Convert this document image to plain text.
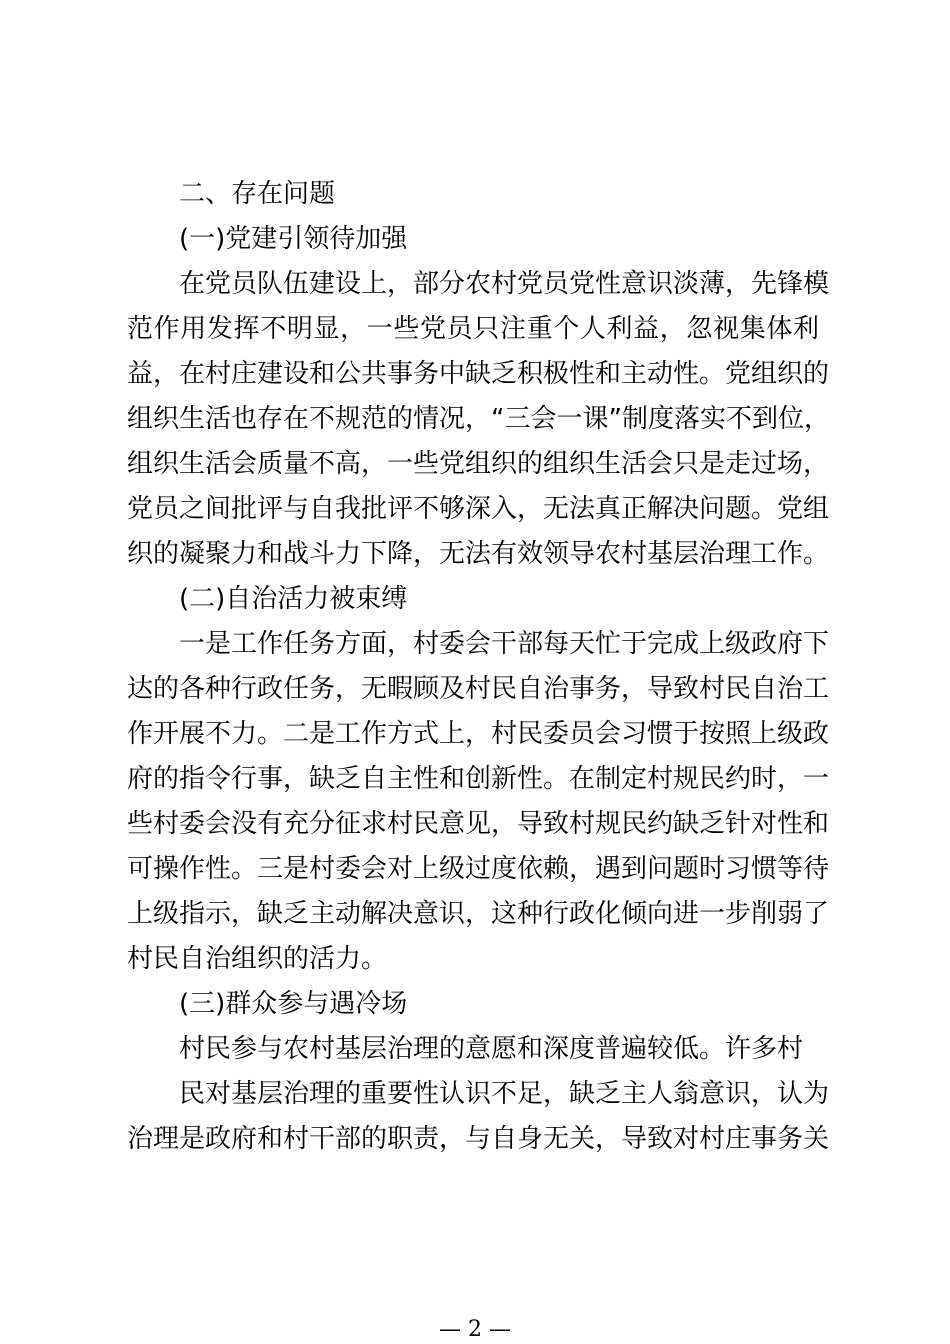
二、存在问题
(一)党建引领待加强
在党员队伍建设上，部分农村党员党性意识淡薄，先锋模
范作用发挥不明显，一些党员只注重个人利益，忽视集体利
益，在村庄建设和公共事务中缺乏积极性和主动性。党组织的
组织生活也存在不规范的情况，“三会一课”制度落实不到位，
组织生活会质量不高，一些党组织的组织生活会只是走过场，
党员之间批评与自我批评不够深入，无法真正解决问题。党组
织的凝聚力和战斗力下降，无法有效领导农村基层治理工作。
(二)自治活力被束缚
一是工作任务方面，村委会干部每天忙于完成上级政府下
达的各种行政任务，无暇顾及村民自治事务，导致村民自治工
作开展不力。二是工作方式上，村民委员会习惯于按照上级政
府的指令行事，缺乏自主性和创新性。在制定村规民约时，一
些村委会没有充分征求村民意见，导致村规民约缺乏针对性和
可操作性。三是村委会对上级过度依赖，遇到问题时习惯等待
上级指示，缺乏主动解决意识，这种行政化倾向进一步削弱了
村民自治组织的活力。
(三)群众参与遇冷场
村民参与农村基层治理的意愿和深度普遍较低。许多村
民对基层治理的重要性认识不足，缺乏主人翁意识，认为
治理是政府和村干部的职责，与自身无关，导致对村庄事务关
— 2 —
